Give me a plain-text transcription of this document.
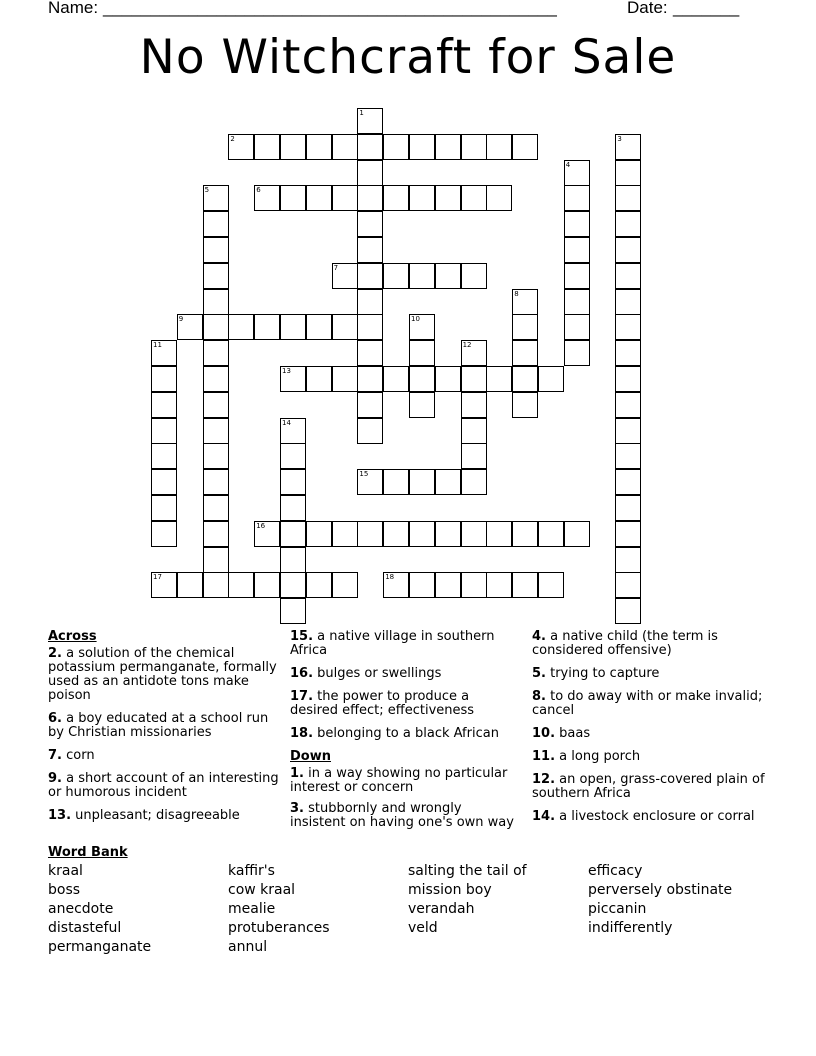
Name: ________________________________________________	Date: _______
No Witchcraft for Sale
1
2	3
4
5	6
7
8
9	10
11	12
13
14
15
16
17	18
Across
2. a solution of the chemical potassium permanganate, formally used as an antidote tons make poison
6. a boy educated at a school run by Christian missionaries
7. corn
9. a short account of an interesting or humorous incident
13. unpleasant; disagreeable
15. a native village in southern Africa
16. bulges or swellings
17. the power to produce a desired effect; effectiveness
18. belonging to a black African
Down
1. in a way showing no particular interest or concern
3. stubbornly and wrongly insistent on having one's own way
4. a native child (the term is considered offensive)
5. trying to capture
8. to do away with or make invalid; cancel
10. baas
11. a long porch
12. an open, grass-covered plain of southern Africa
14. a livestock enclosure or corral
Word Bank
kraal
boss
anecdote
distasteful
permanganate
kaffir's
cow kraal
mealie
protuberances
annul
salting the tail of
mission boy
verandah
veld
efficacy
perversely obstinate
piccanin
indifferently
